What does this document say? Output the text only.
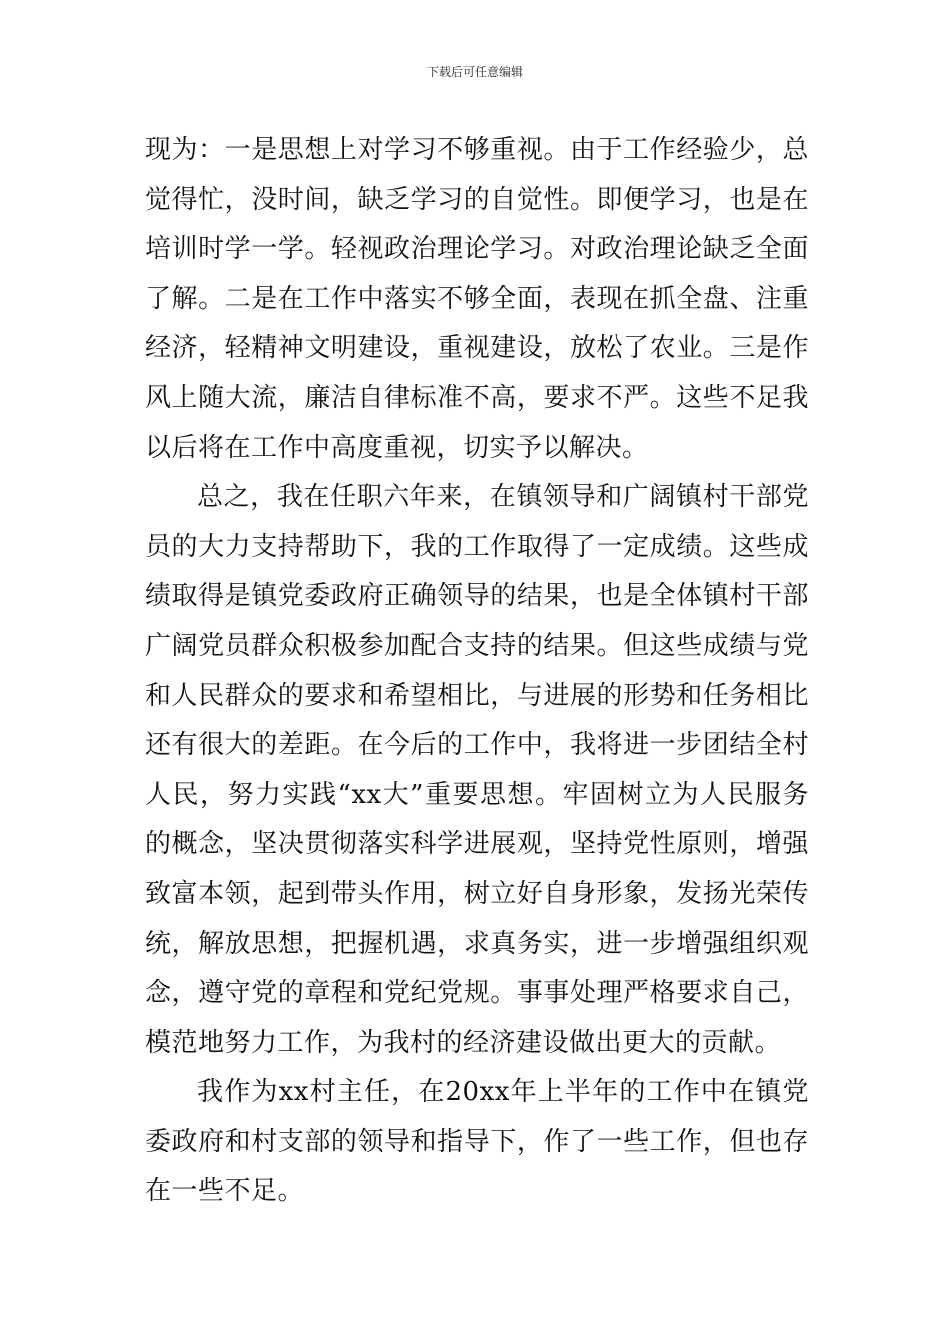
下载后可任意编辑

现为：一是思想上对学习不够重视。由于工作经验少，总觉得忙，没时间，缺乏学习的自觉性。即便学习，也是在培训时学一学。轻视政治理论学习。对政治理论缺乏全面了解。二是在工作中落实不够全面，表现在抓全盘、注重经济，轻精神文明建设，重视建设，放松了农业。三是作风上随大流，廉洁自律标准不高，要求不严。这些不足我以后将在工作中高度重视，切实予以解决。

总之，我在任职六年来，在镇领导和广阔镇村干部党员的大力支持帮助下，我的工作取得了一定成绩。这些成绩取得是镇党委政府正确领导的结果，也是全体镇村干部广阔党员群众积极参加配合支持的结果。但这些成绩与党和人民群众的要求和希望相比，与进展的形势和任务相比还有很大的差距。在今后的工作中，我将进一步团结全村人民，努力实践“xx大”重要思想。牢固树立为人民服务的概念，坚决贯彻落实科学进展观，坚持党性原则，增强致富本领，起到带头作用，树立好自身形象，发扬光荣传统，解放思想，把握机遇，求真务实，进一步增强组织观念，遵守党的章程和党纪党规。事事处理严格要求自己，模范地努力工作，为我村的经济建设做出更大的贡献。

我作为xx村主任，在20xx年上半年的工作中在镇党委政府和村支部的领导和指导下，作了一些工作，但也存在一些不足。
